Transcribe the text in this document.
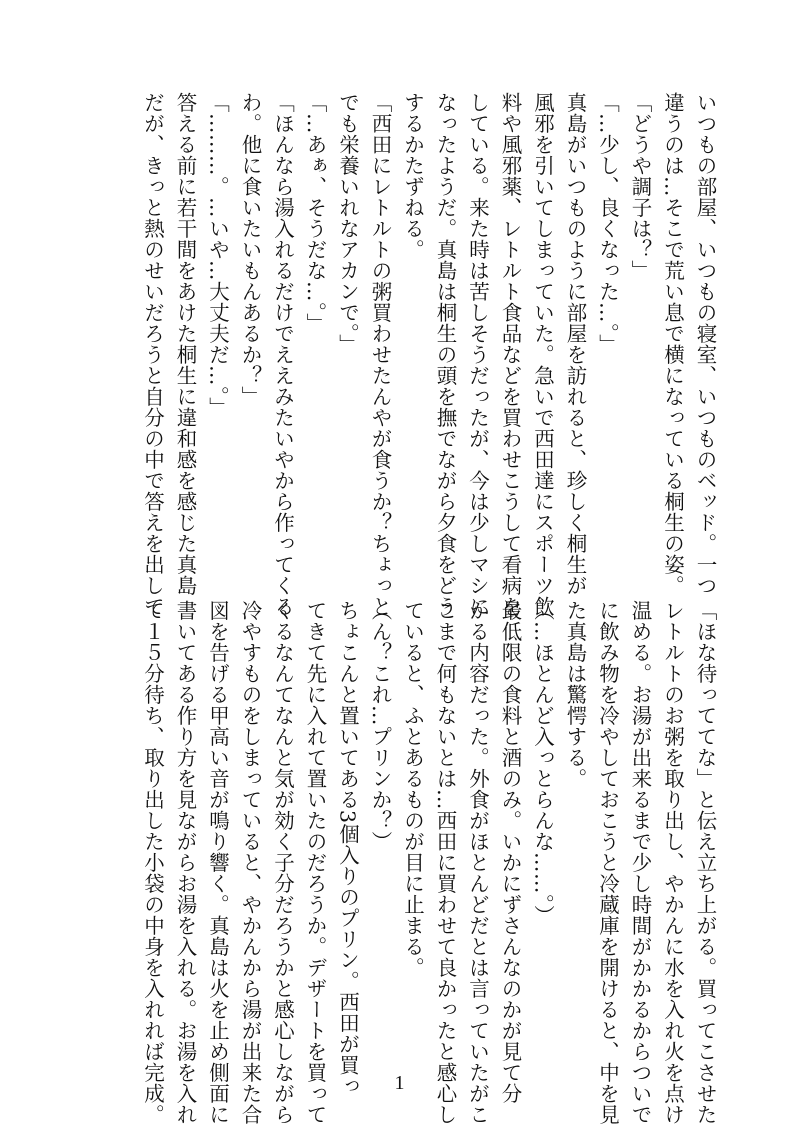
いつもの部屋、いつもの寝室、いつものベッド。一つ

違うのは…そこで荒い息で横になっている桐生の姿。

「どうや調子は？」

「…少し、良くなった…。」

真島がいつものように部屋を訪れると、珍しく桐生が

風邪を引いてしまっていた。急いで西田達にスポーツ飲

料や風邪薬、レトルト食品などを買わせこうして看病を

している。来た時は苦しそうだったが、今は少しマシに

なったようだ。真島は桐生の頭を撫でながら夕食をどう

するかたずねる。

「西田にレトルトの粥買わせたんやが食うか？ちょっと

でも栄養いれなアカンで。」

「…あぁ、そうだな…。」

「ほんなら湯入れるだけでええみたいやから作ってくる

わ。他に食いたいもんあるか？」

「………。…いや…大丈夫だ…。」

答える前に若干間をあけた桐生に違和感を感じた真島

だが、きっと熱のせいだろうと自分の中で答えを出して

「ほな待っててな」と伝え立ち上がる。買ってこさせた

レトルトのお粥を取り出し、やかんに水を入れ火を点け

温める。お湯が出来るまで少し時間がかかるからついで

に飲み物を冷やしておこうと冷蔵庫を開けると、中を見

た真島は驚愕する。

（…ほとんど入っとらんな……。）

最低限の食料と酒のみ。いかにずさんなのかが見て分

かる内容だった。外食がほとんどだとは言っていたがこ

こまで何もないとは…西田に買わせて良かったと感心し

ていると、ふとあるものが目に止まる。

（ん？これ…プリンか？）

ちょこんと置いてある3個入りのプリン。西田が買っ

てきて先に入れて置いたのだろうか。デザートを買って

くるなんてなんと気が効く子分だろうかと感心しながら

冷やすものをしまっていると、やかんから湯が出来た合

図を告げる甲高い音が鳴り響く。真島は火を止め側面に

書いてある作り方を見ながらお湯を入れる。お湯を入れ

て１５分待ち、取り出した小袋の中身を入れれば完成。	1
